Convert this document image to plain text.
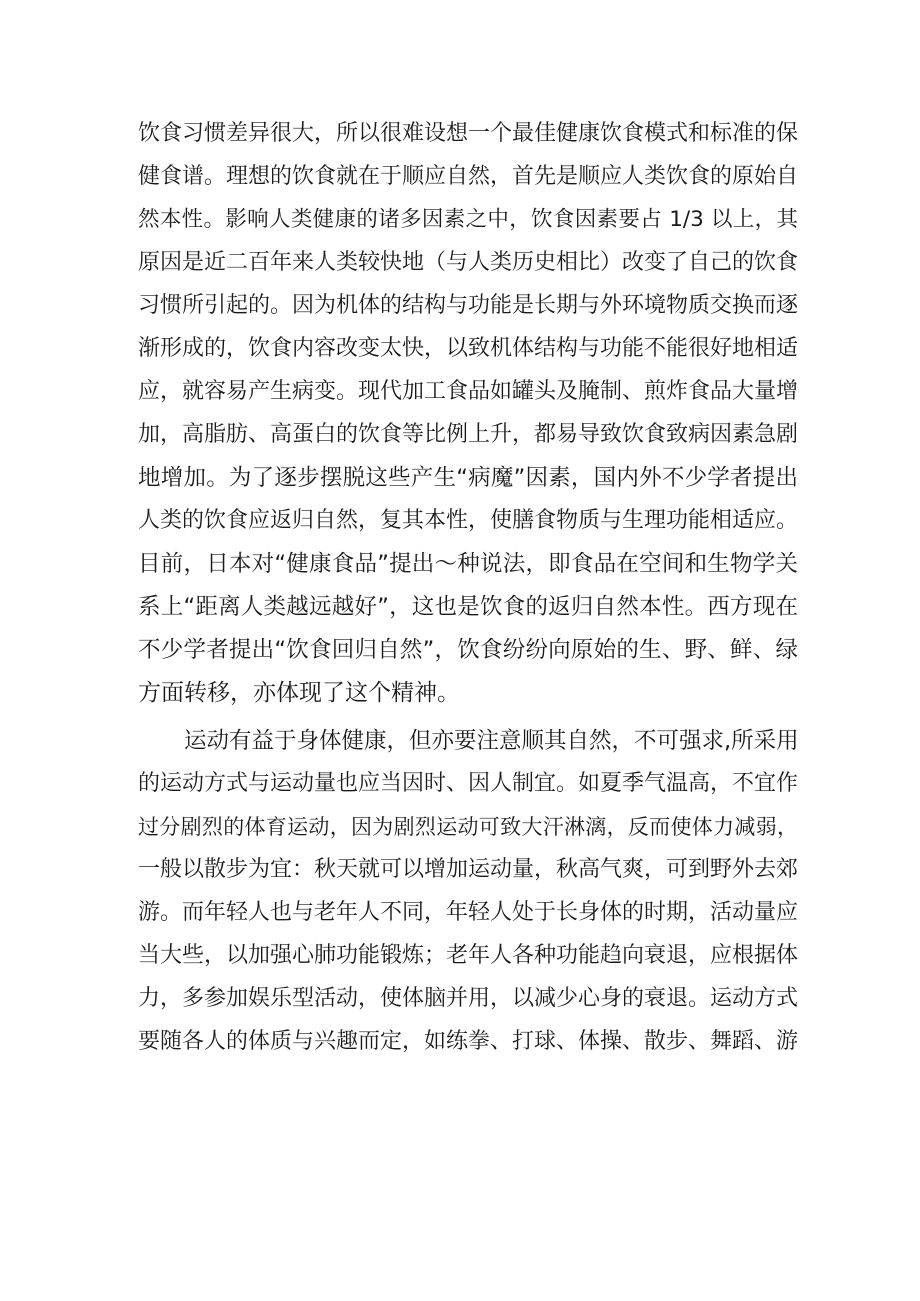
饮食习惯差异很大，所以很难设想一个最佳健康饮食模式和标准的保
健食谱。理想的饮食就在于顺应自然，首先是顺应人类饮食的原始自
然本性。影响人类健康的诸多因素之中，饮食因素要占 1/3 以上，其
原因是近二百年来人类较快地（与人类历史相比）改变了自己的饮食
习惯所引起的。因为机体的结构与功能是长期与外环境物质交换而逐
渐形成的，饮食内容改变太快，以致机体结构与功能不能很好地相适
应，就容易产生病变。现代加工食品如罐头及腌制、煎炸食品大量增
加，高脂肪、高蛋白的饮食等比例上升，都易导致饮食致病因素急剧
地增加。为了逐步摆脱这些产生“病魔”因素，国内外不少学者提出
人类的饮食应返归自然，复其本性，使膳食物质与生理功能相适应。
目前，日本对“健康食品”提出～种说法，即食品在空间和生物学关
系上“距离人类越远越好”，这也是饮食的返归自然本性。西方现在
不少学者提出“饮食回归自然”，饮食纷纷向原始的生、野、鲜、绿
方面转移，亦体现了这个精神。
运动有益于身体健康，但亦要注意顺其自然，不可强求,所采用
的运动方式与运动量也应当因时、因人制宜。如夏季气温高，不宜作
过分剧烈的体育运动，因为剧烈运动可致大汗淋漓，反而使体力减弱，
一般以散步为宜：秋天就可以增加运动量，秋高气爽，可到野外去郊
游。而年轻人也与老年人不同，年轻人处于长身体的时期，活动量应
当大些，以加强心肺功能锻炼；老年人各种功能趋向衰退，应根据体
力，多参加娱乐型活动，使体脑并用，以减少心身的衰退。运动方式
要随各人的体质与兴趣而定，如练拳、打球、体操、散步、舞蹈、游
